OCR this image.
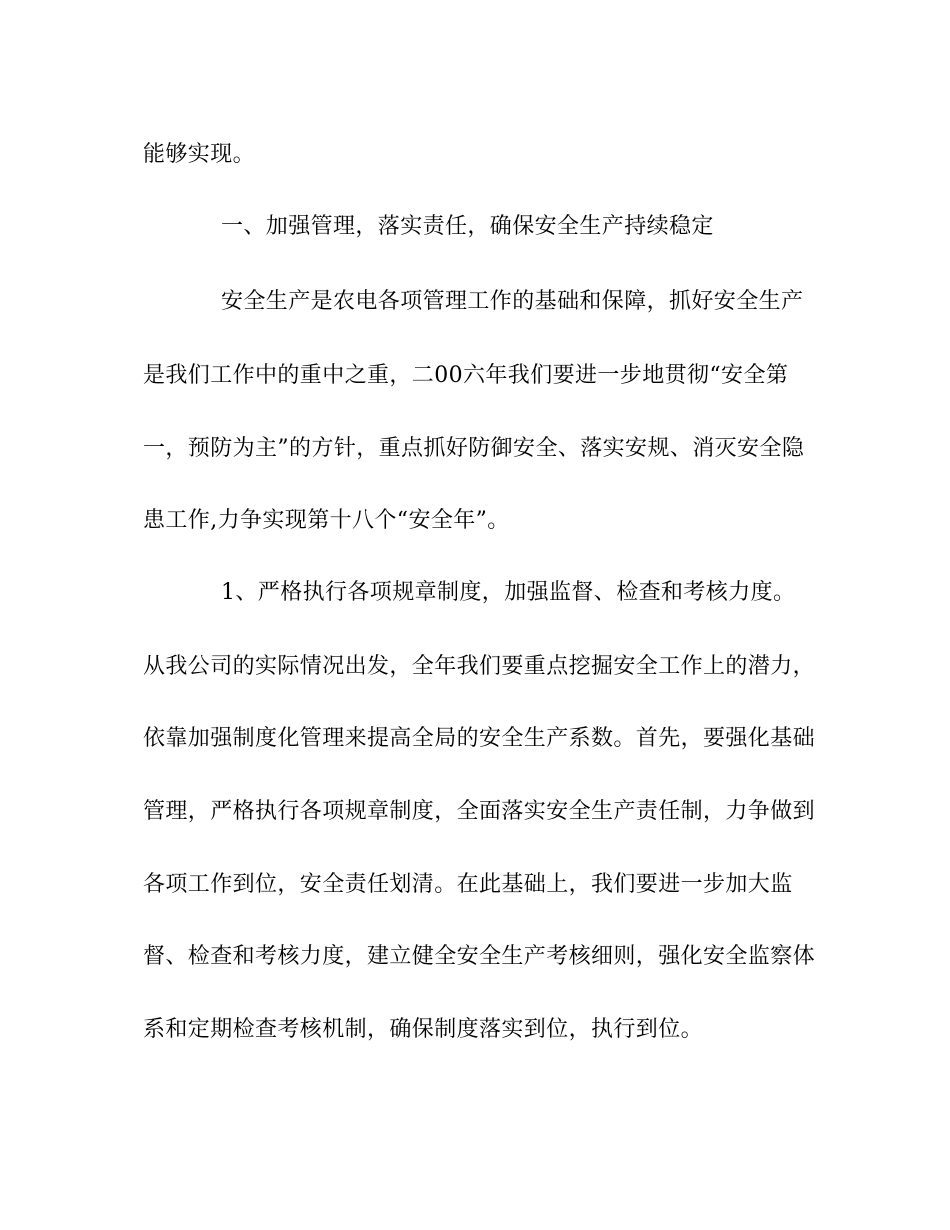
能够实现。
一、加强管理，落实责任，确保安全生产持续稳定
安全生产是农电各项管理工作的基础和保障，抓好安全生产
是我们工作中的重中之重，二00六年我们要进一步地贯彻“安全第
一，预防为主”的方针，重点抓好防御安全、落实安规、消灭安全隐
患工作,力争实现第十八个“安全年”。
1、严格执行各项规章制度，加强监督、检查和考核力度。
从我公司的实际情况出发，全年我们要重点挖掘安全工作上的潜力，
依靠加强制度化管理来提高全局的安全生产系数。首先，要强化基础
管理，严格执行各项规章制度，全面落实安全生产责任制，力争做到
各项工作到位，安全责任划清。在此基础上，我们要进一步加大监
督、检查和考核力度，建立健全安全生产考核细则，强化安全监察体
系和定期检查考核机制，确保制度落实到位，执行到位。
